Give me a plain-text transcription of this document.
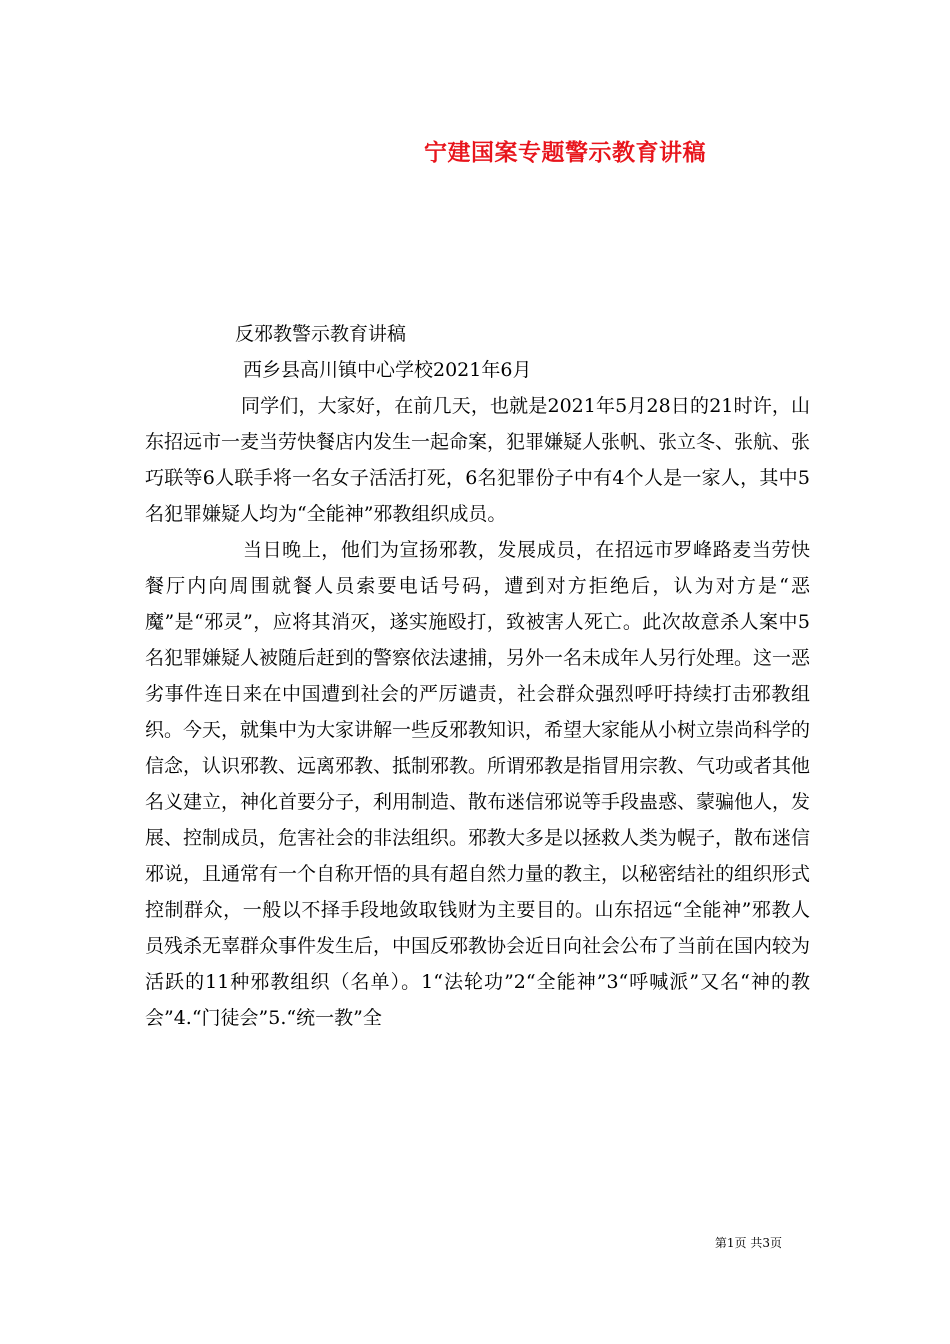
宁建国案专题警示教育讲稿

反邪教警示教育讲稿

西乡县高川镇中心学校2021年6月

同学们，大家好，在前几天，也就是2021年5月28日的21时许，山东招远市一麦当劳快餐店内发生一起命案，犯罪嫌疑人张帆、张立冬、张航、张巧联等6人联手将一名女子活活打死，6名犯罪份子中有4个人是一家人，其中5名犯罪嫌疑人均为“全能神”邪教组织成员。

当日晚上，他们为宣扬邪教，发展成员，在招远市罗峰路麦当劳快餐厅内向周围就餐人员索要电话号码，遭到对方拒绝后，认为对方是“恶魔”是“邪灵”，应将其消灭，遂实施殴打，致被害人死亡。此次故意杀人案中5名犯罪嫌疑人被随后赶到的警察依法逮捕，另外一名未成年人另行处理。这一恶劣事件连日来在中国遭到社会的严厉谴责，社会群众强烈呼吁持续打击邪教组织。今天，就集中为大家讲解一些反邪教知识，希望大家能从小树立崇尚科学的信念，认识邪教、远离邪教、抵制邪教。所谓邪教是指冒用宗教、气功或者其他名义建立，神化首要分子，利用制造、散布迷信邪说等手段蛊惑、蒙骗他人，发展、控制成员，危害社会的非法组织。邪教大多是以拯救人类为幌子，散布迷信邪说，且通常有一个自称开悟的具有超自然力量的教主，以秘密结社的组织形式控制群众，一般以不择手段地敛取钱财为主要目的。山东招远“全能神”邪教人员残杀无辜群众事件发生后，中国反邪教协会近日向社会公布了当前在国内较为活跃的11种邪教组织（名单）。1“法轮功”2“全能神”3“呼喊派”又名“神的教会”4.“门徒会”5.“统一教”全

第1页 共3页
